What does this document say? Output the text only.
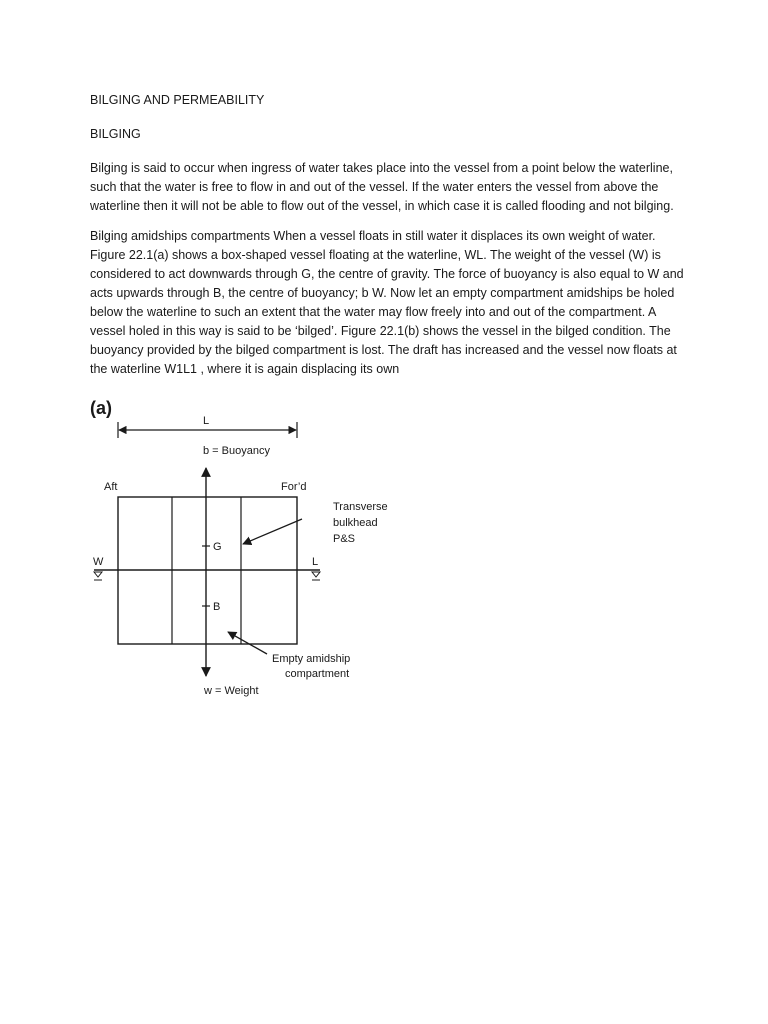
BILGING AND PERMEABILITY
BILGING

Bilging is said to occur when ingress of water takes place into the vessel from a point below the waterline, such that the water is free to flow in and out of the vessel. If the water enters the vessel from above the waterline then it will not be able to flow out of the vessel, in which case it is called flooding and not bilging.

Bilging amidships compartments When a vessel floats in still water it displaces its own weight of water. Figure 22.1(a) shows a box-shaped vessel floating at the waterline, WL. The weight of the vessel (W) is considered to act downwards through G, the centre of gravity. The force of buoyancy is also equal to W and acts upwards through B, the centre of buoyancy; b W. Now let an empty compartment amidships be holed below the waterline to such an extent that the water may flow freely into and out of the compartment. A vessel holed in this way is said to be ‘bilged’. Figure 22.1(b) shows the vessel in the bilged condition. The buoyancy provided by the bilged compartment is lost. The draft has increased and the vessel now floats at the waterline W1L1 , where it is again displacing its own

(a)
L
b = Buoyancy
Aft	For’d
W	L
G
B
Transverse
bulkhead
P&S
Empty amidship
compartment
w = Weight
